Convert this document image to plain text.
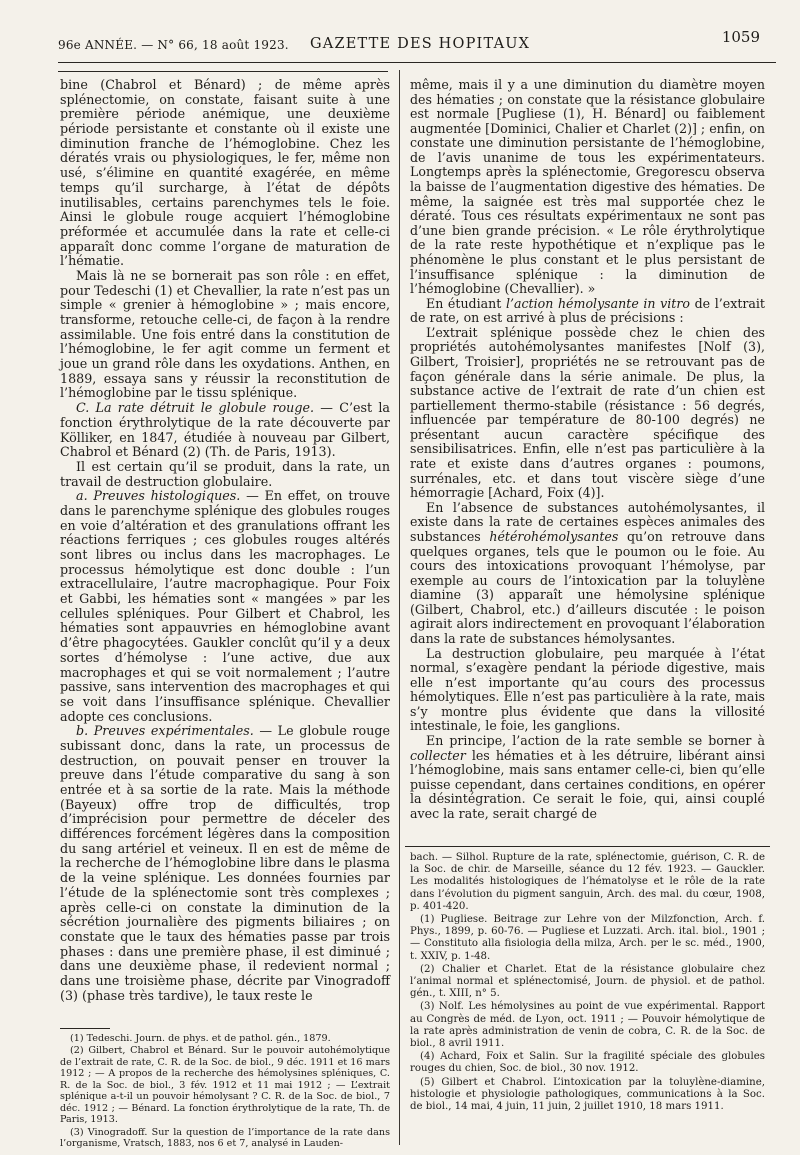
96e ANNÉE. — N° 66, 18 août 1923. GAZETTE DES HOPITAUX	1059

bine (Chabrol et Bénard) ; de même après splénectomie, on constate, faisant suite à une première période anémique, une deuxième période persistante et constante où il existe une diminution franche de l’hémoglobine. Chez les dératés vrais ou physiologiques, le fer, même non usé, s’élimine en quantité exagérée, en même temps qu’il surcharge, à l’état de dépôts inutilisables, certains parenchymes tels le foie. Ainsi le globule rouge acquiert l’hémoglobine préformée et accumulée dans la rate et celle-ci apparaît donc comme l’organe de maturation de l’hématie.

Mais là ne se bornerait pas son rôle : en effet, pour Tedeschi (1) et Chevallier, la rate n’est pas un simple « grenier à hémoglobine » ; mais encore, transforme, retouche celle-ci, de façon à la rendre assimilable. Une fois entré dans la constitution de l’hémoglobine, le fer agit comme un ferment et joue un grand rôle dans les oxydations. Anthen, en 1889, essaya sans y réussir la reconstitution de l’hémoglobine par le tissu splénique.

C. La rate détruit le globule rouge. — C’est la fonction érythrolytique de la rate découverte par Kölliker, en 1847, étudiée à nouveau par Gilbert, Chabrol et Bénard (2) (Th. de Paris, 1913).

Il est certain qu’il se produit, dans la rate, un travail de destruction globulaire.

a. Preuves histologiques. — En effet, on trouve dans le parenchyme splénique des globules rouges en voie d’altération et des granulations offrant les réactions ferriques ; ces globules rouges altérés sont libres ou inclus dans les macrophages. Le processus hémolytique est donc double : l’un extracellulaire, l’autre macrophagique. Pour Foix et Gabbi, les hématies sont « mangées » par les cellules spléniques. Pour Gilbert et Chabrol, les hématies sont appauvries en hémoglobine avant d’être phagocytées. Gaukler conclût qu’il y a deux sortes d’hémolyse : l’une active, due aux macrophages et qui se voit normalement ; l’autre passive, sans intervention des macrophages et qui se voit dans l’insuffisance splénique. Chevallier adopte ces conclusions.

b. Preuves expérimentales. — Le globule rouge subissant donc, dans la rate, un processus de destruction, on pouvait penser en trouver la preuve dans l’étude comparative du sang à son entrée et à sa sortie de la rate. Mais la méthode (Bayeux) offre trop de difficultés, trop d’imprécision pour permettre de déceler des différences forcément légères dans la composition du sang artériel et veineux. Il en est de même de la recherche de l’hémoglobine libre dans le plasma de la veine splénique. Les données fournies par l’étude de la splénectomie sont très complexes ; après celle-ci on constate la diminution de la sécrétion journalière des pigments biliaires ; on constate que le taux des hématies passe par trois phases : dans une première phase, il est diminué ; dans une deuxième phase, il redevient normal ; dans une troisième phase, décrite par Vinogradoff (3) (phase très tardive), le taux reste le

même, mais il y a une diminution du diamètre moyen des hématies ; on constate que la résistance globulaire est normale [Pugliese (1), H. Bénard] ou faiblement augmentée [Dominici, Chalier et Charlet (2)] ; enfin, on constate une diminution persistante de l’hémoglobine, de l’avis unanime de tous les expérimentateurs. Longtemps après la splénectomie, Gregorescu observa la baisse de l’augmentation digestive des hématies. De même, la saignée est très mal supportée chez le dératé. Tous ces résultats expérimentaux ne sont pas d’une bien grande précision. « Le rôle érythrolytique de la rate reste hypothétique et n’explique pas le phénomène le plus constant et le plus persistant de l’insuffisance splénique : la diminution de l’hémoglobine (Chevallier). »

En étudiant l’action hémolysante in vitro de l’extrait de rate, on est arrivé à plus de précisions :

L’extrait splénique possède chez le chien des propriétés autohémolysantes manifestes [Nolf (3), Gilbert, Troisier], propriétés ne se retrouvant pas de façon générale dans la série animale. De plus, la substance active de l’extrait de rate d’un chien est partiellement thermo-stabile (résistance : 56 degrés, influencée par température de 80-100 degrés) ne présentant aucun caractère spécifique des sensibilisatrices. Enfin, elle n’est pas particulière à la rate et existe dans d’autres organes : poumons, surrénales, etc. et dans tout viscère siège d’une hémorragie [Achard, Foix (4)].

En l’absence de substances autohémolysantes, il existe dans la rate de certaines espèces animales des substances hétérohémolysantes qu’on retrouve dans quelques organes, tels que le poumon ou le foie. Au cours des intoxications provoquant l’hémolyse, par exemple au cours de l’intoxication par la toluylène diamine (3) apparaît une hémolysine splénique (Gilbert, Chabrol, etc.) d’ailleurs discutée : le poison agirait alors indirectement en provoquant l’élaboration dans la rate de substances hémolysantes.

La destruction globulaire, peu marquée à l’état normal, s’exagère pendant la période digestive, mais elle n’est importante qu’au cours des processus hémolytiques. Elle n’est pas particulière à la rate, mais s’y montre plus évidente que dans la villosité intestinale, le foie, les ganglions.

En principe, l’action de la rate semble se borner à collecter les hématies et à les détruire, libérant ainsi l’hémoglobine, mais sans entamer celle-ci, bien qu’elle puisse cependant, dans certaines conditions, en opérer la désintégration. Ce serait le foie, qui, ainsi couplé avec la rate, serait chargé de

(1) Tedeschi. Journ. de phys. et de pathol. gén., 1879.

(2) Gilbert, Chabrol et Bénard. Sur le pouvoir autohémolytique de l’extrait de rate, C. R. de la Soc. de biol., 9 déc. 1911 et 16 mars 1912 ; — A propos de la recherche des hémolysines spléniques, C. R. de la Soc. de biol., 3 fév. 1912 et 11 mai 1912 ; — L’extrait splénique a-t-il un pouvoir hémolysant ? C. R. de la Soc. de biol., 7 déc. 1912 ; — Bénard. La fonction érythrolytique de la rate, Th. de Paris, 1913.

(3) Vinogradoff. Sur la question de l’importance de la rate dans l’organisme, Vratsch, 1883, nos 6 et 7, analysé in Lauden-

bach. — Silhol. Rupture de la rate, splénectomie, guérison, C. R. de la Soc. de chir. de Marseille, séance du 12 fév. 1923. — Gauckler. Les modalités histologiques de l’hématolyse et le rôle de la rate dans l’évolution du pigment sanguin, Arch. des mal. du cœur, 1908, p. 401-420.

(1) Pugliese. Beitrage zur Lehre von der Milzfonction, Arch. f. Phys., 1899, p. 60-76. — Pugliese et Luzzati. Arch. ital. biol., 1901 ; — Constituto alla fisiologia della milza, Arch. per le sc. méd., 1900, t. XXIV, p. 1-48.

(2) Chalier et Charlet. Etat de la résistance globulaire chez l’animal normal et splénectomisé, Journ. de physiol. et de pathol. gén., t. XIII, n° 5.

(3) Nolf. Les hémolysines au point de vue expérimental. Rapport au Congrès de méd. de Lyon, oct. 1911 ; — Pouvoir hémolytique de la rate après administration de venin de cobra, C. R. de la Soc. de biol., 8 avril 1911.

(4) Achard, Foix et Salin. Sur la fragilité spéciale des globules rouges du chien, Soc. de biol., 30 nov. 1912.

(5) Gilbert et Chabrol. L’intoxication par la toluylène-diamine, histologie et physiologie pathologiques, communications à la Soc. de biol., 14 mai, 4 juin, 11 juin, 2 juillet 1910, 18 mars 1911.
